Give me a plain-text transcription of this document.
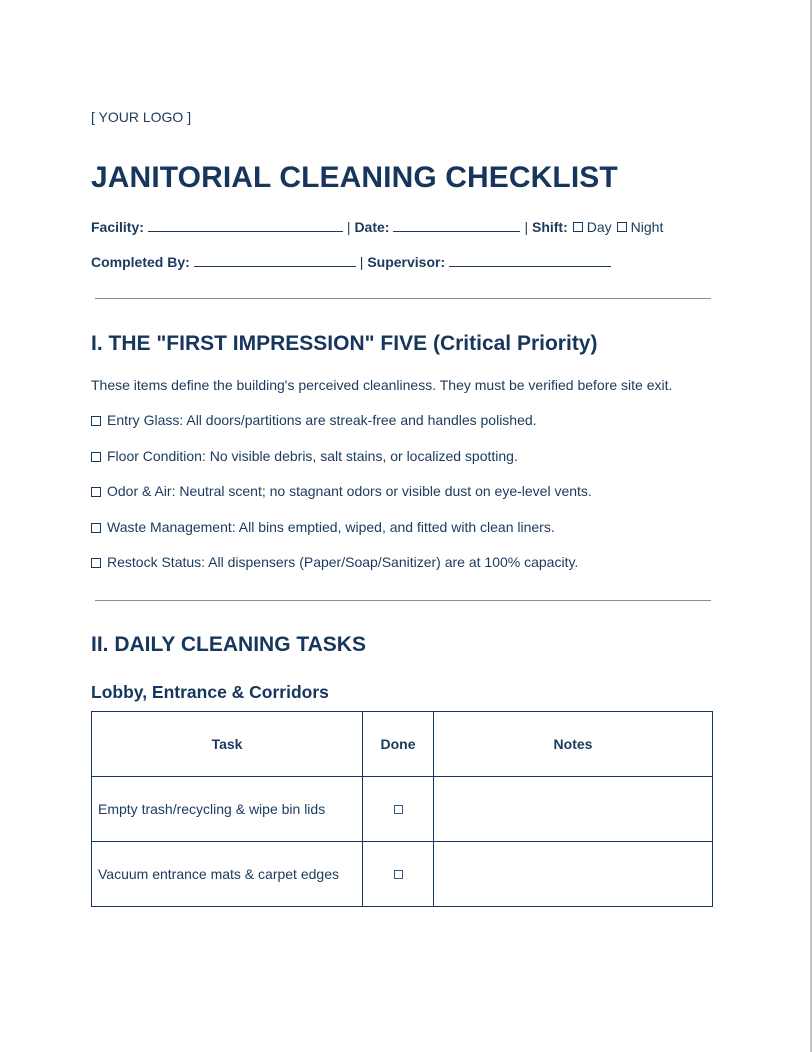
[ YOUR LOGO ]
JANITORIAL CLEANING CHECKLIST
Facility:	| Date:	| Shift: Day Night
Completed By:	| Supervisor:
I. THE "FIRST IMPRESSION" FIVE (Critical Priority)

These items define the building's perceived cleanliness. They must be verified before site exit.

Entry Glass: All doors/partitions are streak-free and handles polished.
Floor Condition: No visible debris, salt stains, or localized spotting.
Odor & Air: Neutral scent; no stagnant odors or visible dust on eye-level vents.
Waste Management: All bins emptied, wiped, and fitted with clean liners.
Restock Status: All dispensers (Paper/Soap/Sanitizer) are at 100% capacity.
II. DAILY CLEANING TASKS
Lobby, Entrance & Corridors
Task	Done	Notes
Empty trash/recycling & wipe bin lids		
Vacuum entrance mats & carpet edges		
